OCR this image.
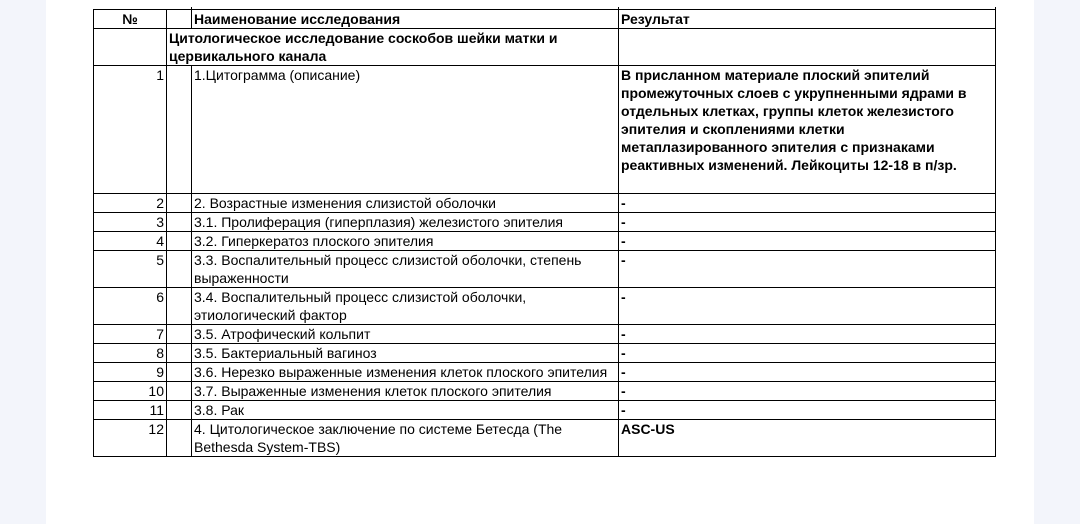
№		Наименование исследования	Результат
	Цитологическое исследование соскобов шейки матки и цервикального канала		
1		1.Цитограмма (описание)	В присланном материале плоский эпителий промежуточных слоев с укрупненными ядрами в отдельных клетках, группы клеток железистого эпителия и скоплениями клетки метаплазированного эпителия с признаками реактивных изменений. Лейкоциты 12-18 в п/зр.
2		2. Возрастные изменения слизистой оболочки	-
3		3.1. Пролиферация (гиперплазия) железистого эпителия	-
4		3.2. Гиперкератоз плоского эпителия	-
5		3.3. Воспалительный процесс слизистой оболочки, степень выраженности	-
6		3.4. Воспалительный процесс слизистой оболочки, этиологический фактор	-
7		3.5. Атрофический кольпит	-
8		3.5. Бактериальный вагиноз	-
9		3.6. Нерезко выраженные изменения клеток плоского эпителия	-
10		3.7. Выраженные изменения клеток плоского эпителия	-
11		3.8. Рак	-
12		4. Цитологическое заключение по системе Бетесда (The Bethesda System-TBS)	ASC-US
